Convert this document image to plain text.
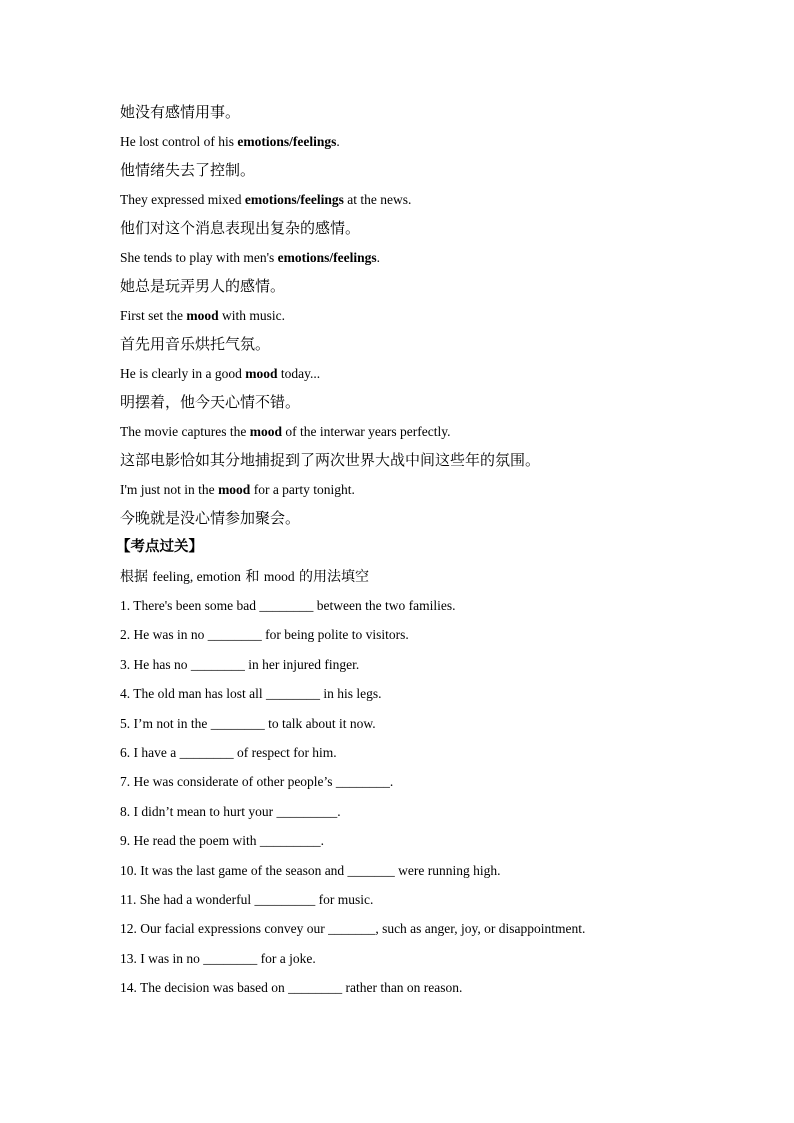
她没有感情用事。
He lost control of his emotions/feelings.
他情绪失去了控制。
They expressed mixed emotions/feelings at the news.
他们对这个消息表现出复杂的感情。
She tends to play with men's emotions/feelings.
她总是玩弄男人的感情。
First set the mood with music.
首先用音乐烘托气氛。
He is clearly in a good mood today...
明摆着，他今天心情不错。
The movie captures the mood of the interwar years perfectly.
这部电影恰如其分地捕捉到了两次世界大战中间这些年的氛围。
I'm just not in the mood for a party tonight.
今晚就是没心情参加聚会。
【考点过关】
根据 feeling, emotion 和 mood 的用法填空
1. There's been some bad ________ between the two families.
2. He was in no ________ for being polite to visitors.
3. He has no ________ in her injured finger.
4. The old man has lost all ________ in his legs.
5. I’m not in the ________ to talk about it now.
6. I have a ________ of respect for him.
7. He was considerate of other people’s ________.
8. I didn’t mean to hurt your _________.
9. He read the poem with _________.
10. It was the last game of the season and _______ were running high.
11. She had a wonderful _________ for music.
12. Our facial expressions convey our _______, such as anger, joy, or disappointment.
13. I was in no ________ for a joke.
14. The decision was based on ________ rather than on reason.
